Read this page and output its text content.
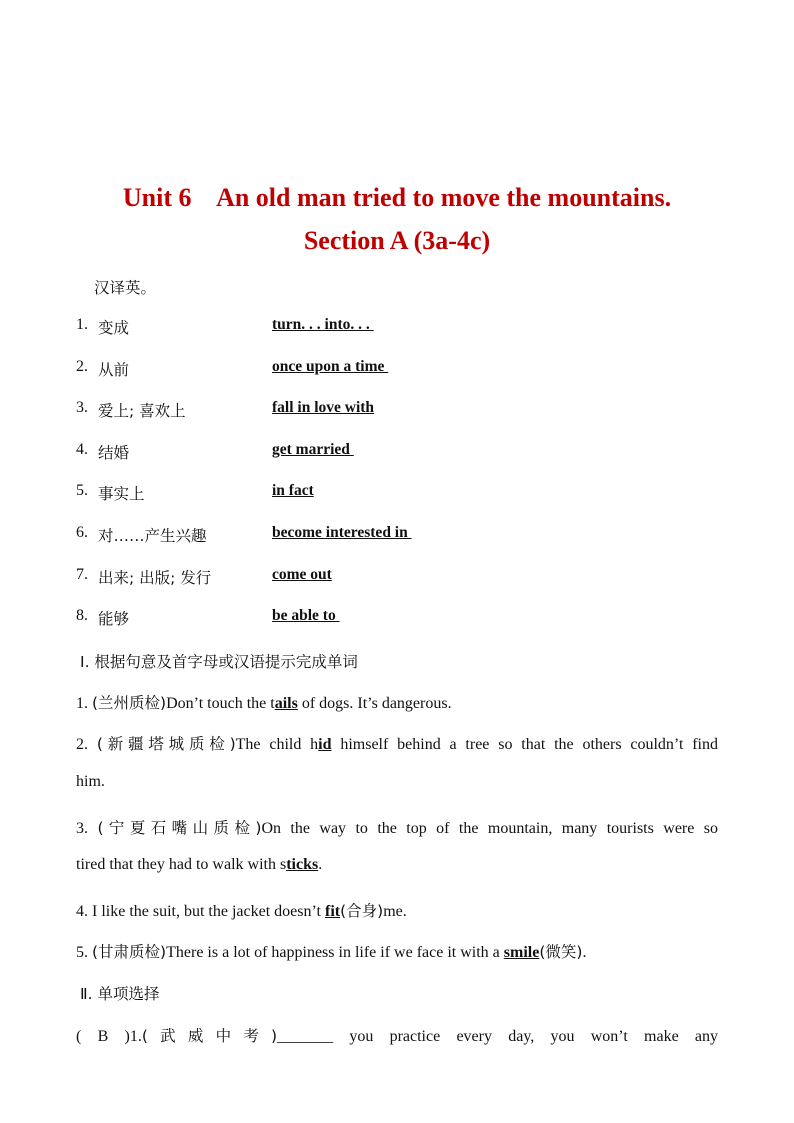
Unit 6    An old man tried to move the mountains.
Section A (3a-4c)
汉译英。
1. 变成	turn. . . into. . .
2. 从前	once upon a time
3. 爱上; 喜欢上	fall in love with
4. 结婚	get married
5. 事实上	in fact
6. 对……产生兴趣	become interested in
7. 出来; 出版; 发行	come out
8. 能够	be able to
Ⅰ. 根据句意及首字母或汉语提示完成单词
1. (兰州质检)Don’t touch the tails of dogs. It’s dangerous.
2. (新疆塔城质检)The child hid himself behind a tree so that the others couldn’t find
him.
3. (宁夏石嘴山质检)On the way to the top of the mountain, many tourists were so
tired that they had to walk with sticks.
4. I like the suit, but the jacket doesn’t fit(合身)me.
5. (甘肃质检)There is a lot of happiness in life if we face it with a smile(微笑).
Ⅱ. 单项选择
( B )1.(武威中考)_______ you practice every day, you won’t make any
